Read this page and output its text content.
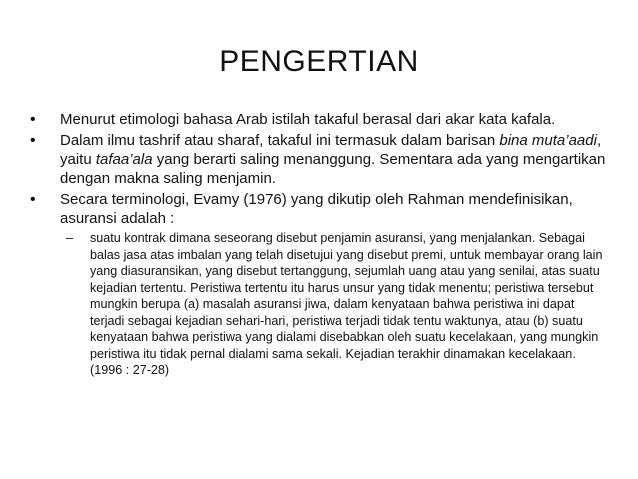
PENGERTIAN
•	Menurut etimologi bahasa Arab istilah takaful berasal dari akar kata kafala.
•	Dalam ilmu tashrif atau sharaf, takaful ini termasuk dalam barisan bina muta’aadi, yaitu tafaa’ala yang berarti saling menanggung. Sementara ada yang mengartikan dengan makna saling menjamin.
•	Secara terminologi, Evamy (1976) yang dikutip oleh Rahman mendefinisikan, asuransi adalah :
–	suatu kontrak dimana seseorang disebut penjamin asuransi, yang menjalankan. Sebagai balas jasa atas imbalan yang telah disetujui yang disebut premi, untuk membayar orang lain yang diasuransikan, yang disebut tertanggung, sejumlah uang atau yang senilai, atas suatu kejadian tertentu. Peristiwa tertentu itu harus unsur yang tidak menentu; peristiwa tersebut mungkin berupa (a) masalah asuransi jiwa, dalam kenyataan bahwa peristiwa ini dapat terjadi sebagai kejadian sehari-hari, peristiwa terjadi tidak tentu waktunya, atau (b) suatu kenyataan bahwa peristiwa yang dialami disebabkan oleh suatu kecelakaan, yang mungkin peristiwa itu tidak pernal dialami sama sekali. Kejadian terakhir dinamakan kecelakaan. (1996 : 27-28)
